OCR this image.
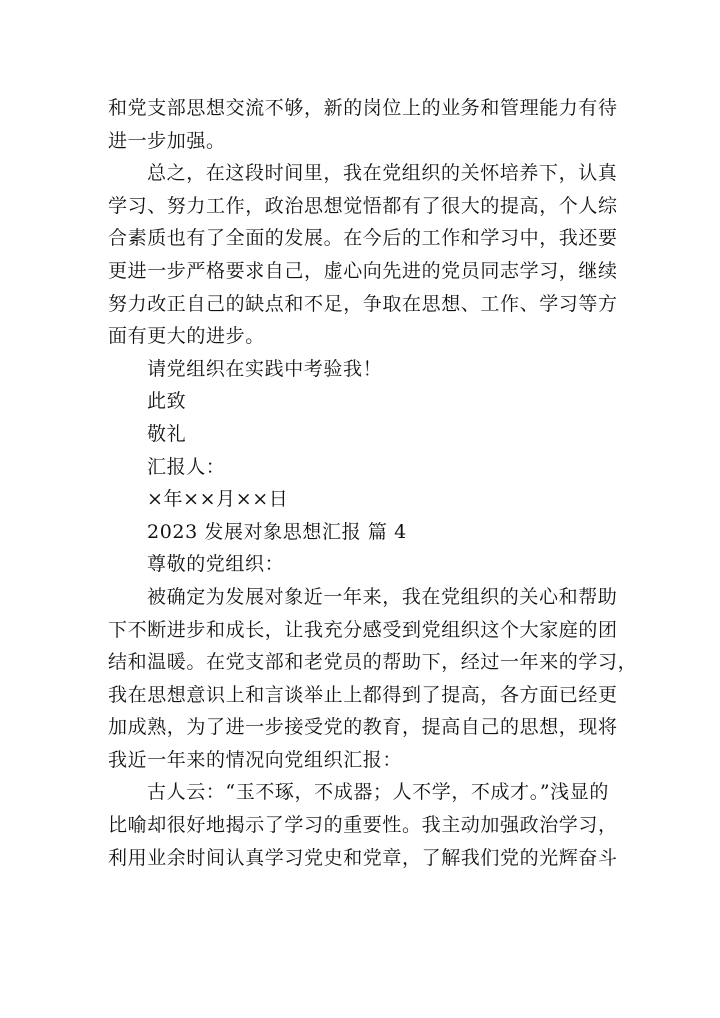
和党支部思想交流不够，新的岗位上的业务和管理能力有待
进一步加强。
总之，在这段时间里，我在党组织的关怀培养下，认真
学习、努力工作，政治思想觉悟都有了很大的提高，个人综
合素质也有了全面的发展。在今后的工作和学习中，我还要
更进一步严格要求自己，虚心向先进的党员同志学习，继续
努力改正自己的缺点和不足，争取在思想、工作、学习等方
面有更大的进步。
请党组织在实践中考验我！
此致
敬礼
汇报人：
×年××月××日
2023 发展对象思想汇报 篇 4
尊敬的党组织：
被确定为发展对象近一年来，我在党组织的关心和帮助
下不断进步和成长，让我充分感受到党组织这个大家庭的团
结和温暖。在党支部和老党员的帮助下，经过一年来的学习，
我在思想意识上和言谈举止上都得到了提高，各方面已经更
加成熟，为了进一步接受党的教育，提高自己的思想，现将
我近一年来的情况向党组织汇报：
古人云：“玉不琢，不成器；人不学，不成才。”浅显的
比喻却很好地揭示了学习的重要性。我主动加强政治学习，
利用业余时间认真学习党史和党章，了解我们党的光辉奋斗
